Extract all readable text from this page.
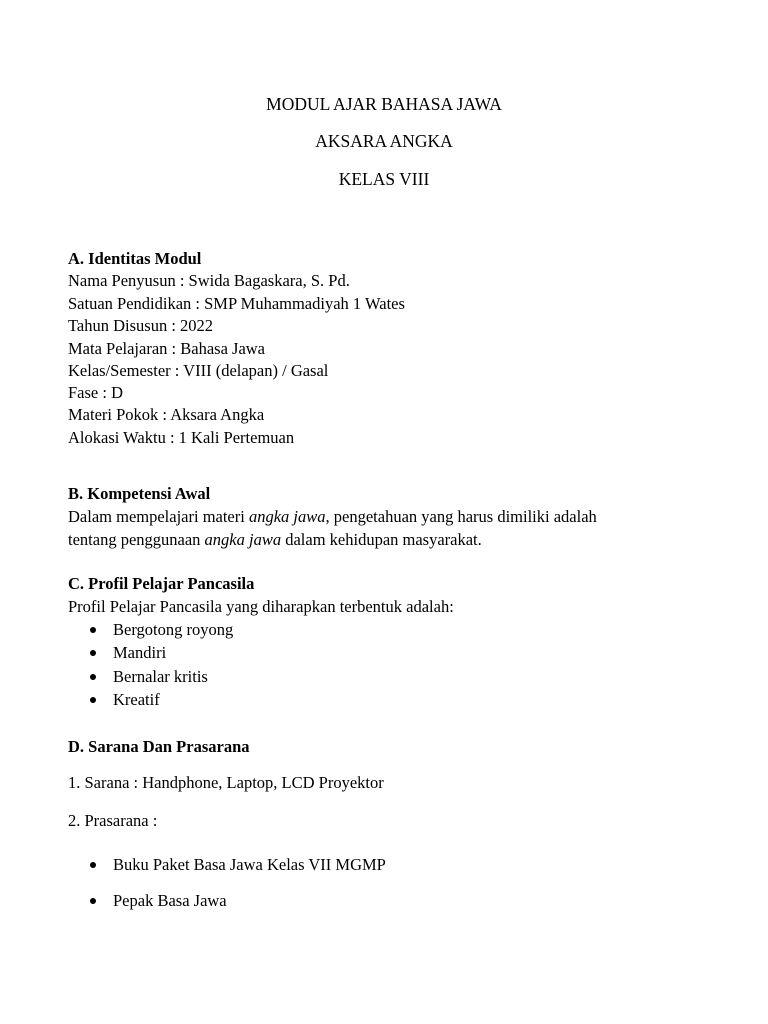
MODUL AJAR BAHASA JAWA
AKSARA ANGKA
KELAS VIII
A. Identitas Modul
Nama Penyusun : Swida Bagaskara, S. Pd.
Satuan Pendidikan : SMP Muhammadiyah 1 Wates
Tahun Disusun : 2022
Mata Pelajaran : Bahasa Jawa
Kelas/Semester : VIII (delapan) / Gasal
Fase : D
Materi Pokok : Aksara Angka
Alokasi Waktu : 1 Kali Pertemuan
B. Kompetensi Awal
Dalam mempelajari materi angka jawa, pengetahuan yang harus dimiliki adalah
tentang penggunaan angka jawa dalam kehidupan masyarakat.
C. Profil Pelajar Pancasila
Profil Pelajar Pancasila yang diharapkan terbentuk adalah:
Bergotong royong
Mandiri
Bernalar kritis
Kreatif
D. Sarana Dan Prasarana
1. Sarana : Handphone, Laptop, LCD Proyektor
2. Prasarana :
Buku Paket Basa Jawa Kelas VII MGMP
Pepak Basa Jawa
